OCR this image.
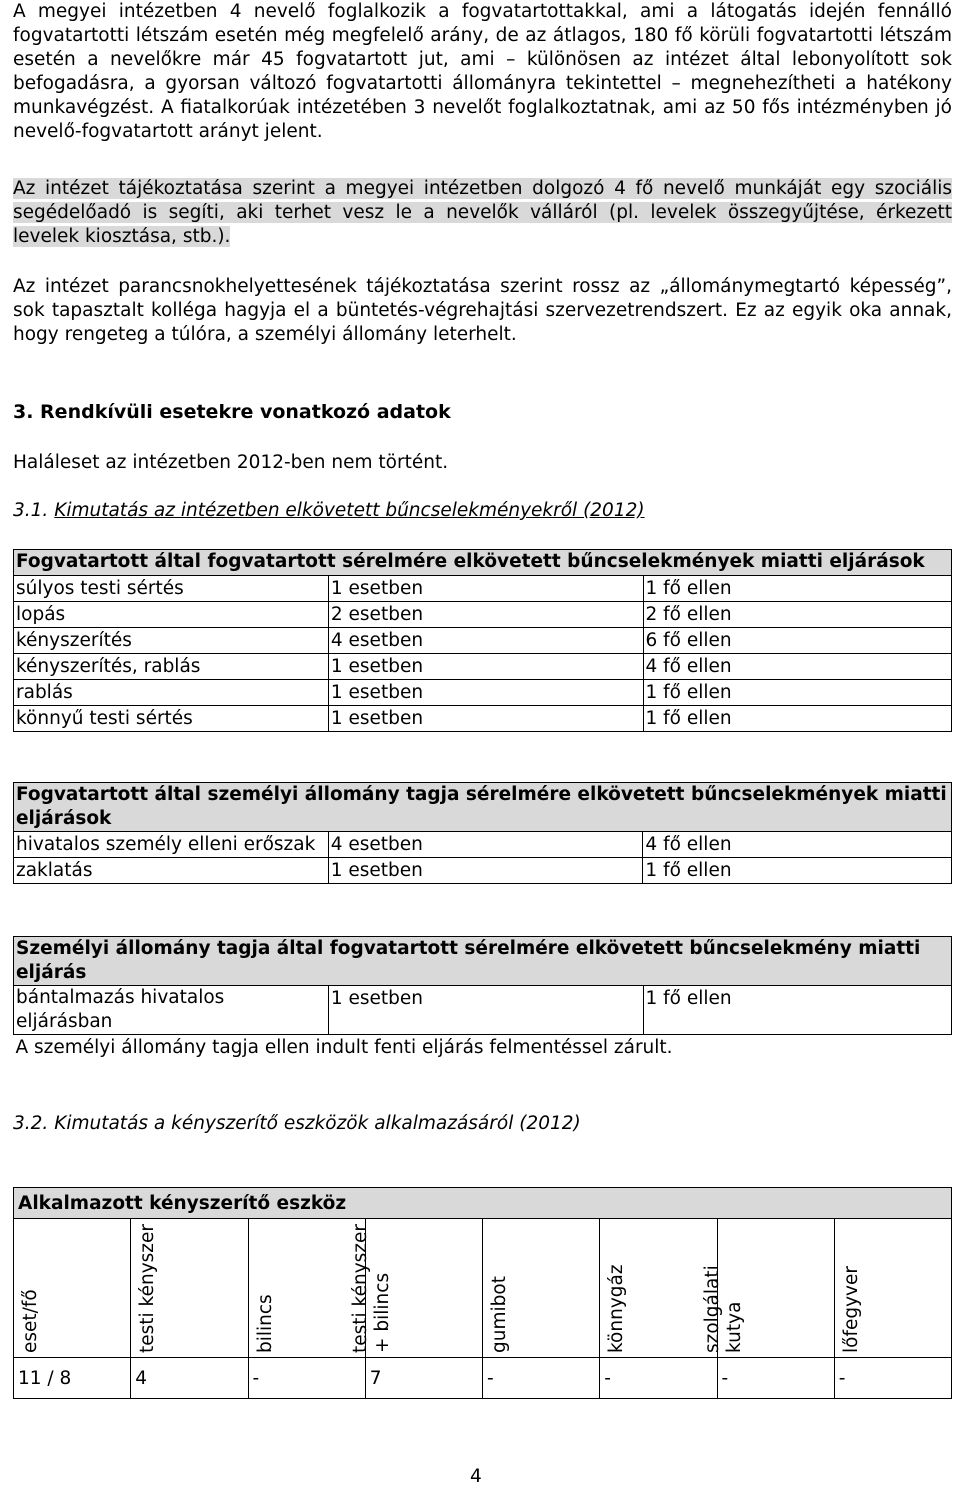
A megyei intézetben 4 nevelő foglalkozik a fogvatartottakkal, ami a látogatás idején fennálló fogvatartotti létszám esetén még megfelelő arány, de az átlagos, 180 fő körüli fogvatartotti létszám esetén a nevelőkre már 45 fogvatartott jut, ami – különösen az intézet által lebonyolított sok befogadásra, a gyorsan változó fogvatartotti állományra tekintettel – megnehezítheti a hatékony munkavégzést. A fiatalkorúak intézetében 3 nevelőt foglalkoztatnak, ami az 50 fős intézményben jó nevelő-fogvatartott arányt jelent.

Az intézet tájékoztatása szerint a megyei intézetben dolgozó 4 fő nevelő munkáját egy szociális segédelőadó is segíti, aki terhet vesz le a nevelők válláról (pl. levelek összegyűjtése, érkezett levelek kiosztása, stb.).

Az intézet parancsnokhelyettesének tájékoztatása szerint rossz az „állománymegtartó képesség”, sok tapasztalt kolléga hagyja el a büntetés-végrehajtási szervezetrendszert. Ez az egyik oka annak, hogy rengeteg a túlóra, a személyi állomány leterhelt.

3. Rendkívüli esetekre vonatkozó adatok

Haláleset az intézetben 2012-ben nem történt.

3.1. Kimutatás az intézetben elkövetett bűncselekményekről (2012)

Fogvatartott által fogvatartott sérelmére elkövetett bűncselekmények miatti eljárások		
súlyos testi sértés	1 esetben	1 fő ellen
lopás	2 esetben	2 fő ellen
kényszerítés	4 esetben	6 fő ellen
kényszerítés, rablás	1 esetben	4 fő ellen
rablás	1 esetben	1 fő ellen
könnyű testi sértés	1 esetben	1 fő ellen
Fogvatartott által személyi állomány tagja sérelmére elkövetett bűncselekmények miatti eljárások		
hivatalos személy elleni erőszak	4 esetben	4 fő ellen
zaklatás	1 esetben	1 fő ellen
Személyi állomány tagja által fogvatartott sérelmére elkövetett bűncselekmény miatti eljárás
bántalmazás hivatalos eljárásban	1 esetben	1 fő ellen
A személyi állomány tagja ellen indult fenti eljárás felmentéssel zárult.

3.2. Kimutatás a kényszerítő eszközök alkalmazásáról (2012)

Alkalmazott kényszerítő eszköz							

eset/fő	testi kényszer	bilincs	testi kényszer + bilincs	gumibot	könnygáz	szolgálati kutya	lőfegyver

11 / 8	4	-	7	-	-	-	-
4
